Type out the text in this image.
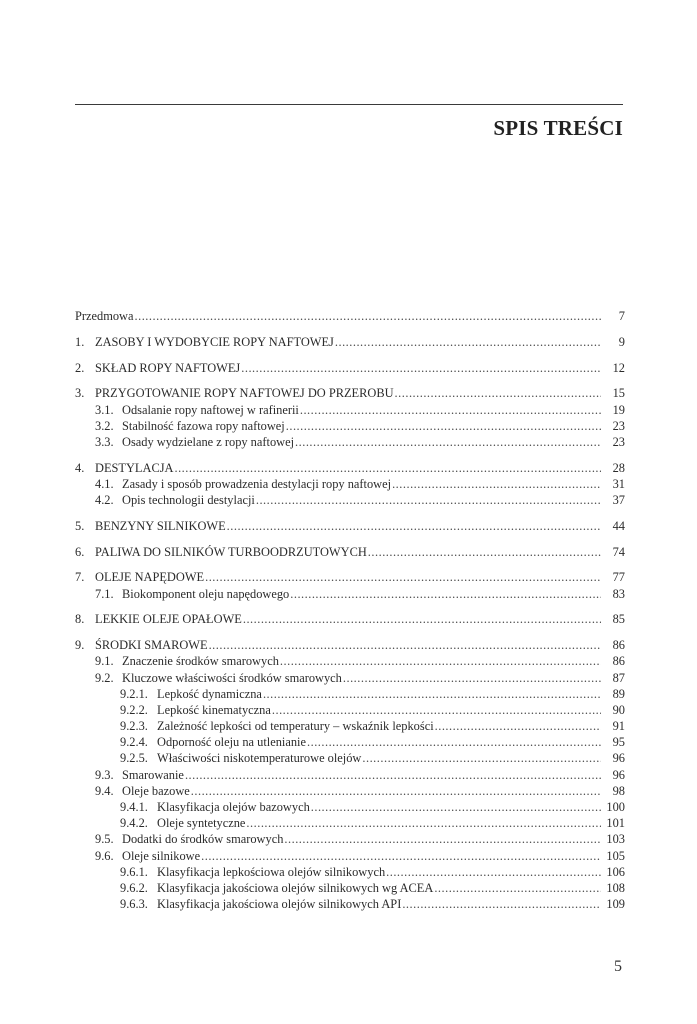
SPIS TREŚCI
Przedmowa .....	7
1. ZASOBY I WYDOBYCIE ROPY NAFTOWEJ .....	9
2. SKŁAD ROPY NAFTOWEJ .....	12
3. PRZYGOTOWANIE ROPY NAFTOWEJ DO PRZEROBU .....	15
3.1. Odsalanie ropy naftowej w rafinerii .....	19
3.2. Stabilność fazowa ropy naftowej .....	23
3.3. Osady wydzielane z ropy naftowej .....	23
4. DESTYLACJA .....	28
4.1. Zasady i sposób prowadzenia destylacji ropy naftowej .....	31
4.2. Opis technologii destylacji .....	37
5. BENZYNY SILNIKOWE .....	44
6. PALIWA DO SILNIKÓW TURBOODRZUTOWYCH .....	74
7. OLEJE NAPĘDOWE .....	77
7.1. Biokomponent oleju napędowego .....	83
8. LEKKIE OLEJE OPAŁOWE .....	85
9. ŚRODKI SMAROWE .....	86
9.1. Znaczenie środków smarowych .....	86
9.2. Kluczowe właściwości środków smarowych .....	87
9.2.1. Lepkość dynamiczna .....	89
9.2.2. Lepkość kinematyczna .....	90
9.2.3. Zależność lepkości od temperatury – wskaźnik lepkości .....	91
9.2.4. Odporność oleju na utlenianie .....	95
9.2.5. Właściwości niskotemperaturowe olejów .....	96
9.3. Smarowanie .....	96
9.4. Oleje bazowe .....	98
9.4.1. Klasyfikacja olejów bazowych .....	100
9.4.2. Oleje syntetyczne .....	101
9.5. Dodatki do środków smarowych .....	103
9.6. Oleje silnikowe .....	105
9.6.1. Klasyfikacja lepkościowa olejów silnikowych .....	106
9.6.2. Klasyfikacja jakościowa olejów silnikowych wg ACEA .....	108
9.6.3. Klasyfikacja jakościowa olejów silnikowych API .....	109
5
